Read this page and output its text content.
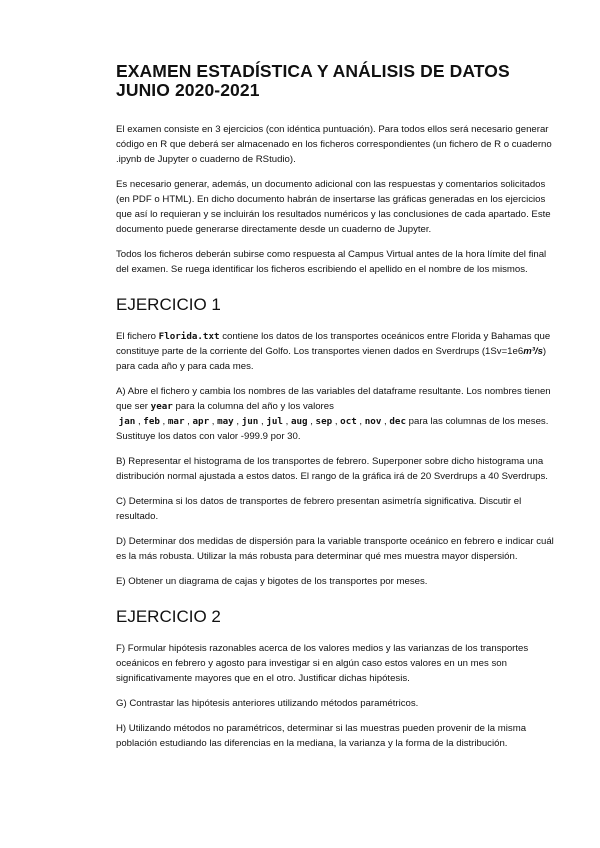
EXAMEN ESTADÍSTICA Y ANÁLISIS DE DATOS
JUNIO 2020-2021

El examen consiste en 3 ejercicios (con idéntica puntuación). Para todos ellos será necesario generar código en R que deberá ser almacenado en los ficheros correspondientes (un fichero de R o cuaderno .ipynb de Jupyter o cuaderno de RStudio).

Es necesario generar, además, un documento adicional con las respuestas y comentarios solicitados (en PDF o HTML). En dicho documento habrán de insertarse las gráficas generadas en los ejercicios que así lo requieran y se incluirán los resultados numéricos y las conclusiones de cada apartado. Este documento puede generarse directamente desde un cuaderno de Jupyter.

Todos los ficheros deberán subirse como respuesta al Campus Virtual antes de la hora límite del final del examen. Se ruega identificar los ficheros escribiendo el apellido en el nombre de los mismos.

EJERCICIO 1

El fichero Florida.txt contiene los datos de los transportes oceánicos entre Florida y Bahamas que constituye parte de la corriente del Golfo. Los transportes vienen dados en Sverdrups (1Sv=1e6m³/s) para cada año y para cada mes.

A) Abre el fichero y cambia los nombres de las variables del dataframe resultante. Los nombres tienen que ser year para la columna del año y los valores
jan , feb , mar , apr , may , jun , jul , aug , sep , oct , nov , dec para las columnas de los meses. Sustituye los datos con valor -999.9 por 30.

B) Representar el histograma de los transportes de febrero. Superponer sobre dicho histograma una distribución normal ajustada a estos datos. El rango de la gráfica irá de 20 Sverdrups a 40 Sverdrups.

C) Determina si los datos de transportes de febrero presentan asimetría significativa. Discutir el resultado.

D) Determinar dos medidas de dispersión para la variable transporte oceánico en febrero e indicar cuál es la más robusta. Utilizar la más robusta para determinar qué mes muestra mayor dispersión.

E) Obtener un diagrama de cajas y bigotes de los transportes por meses.

EJERCICIO 2

F) Formular hipótesis razonables acerca de los valores medios y las varianzas de los transportes oceánicos en febrero y agosto para investigar si en algún caso estos valores en un mes son significativamente mayores que en el otro. Justificar dichas hipótesis.

G) Contrastar las hipótesis anteriores utilizando métodos paramétricos.

H) Utilizando métodos no paramétricos, determinar si las muestras pueden provenir de la misma población estudiando las diferencias en la mediana, la varianza y la forma de la distribución.
